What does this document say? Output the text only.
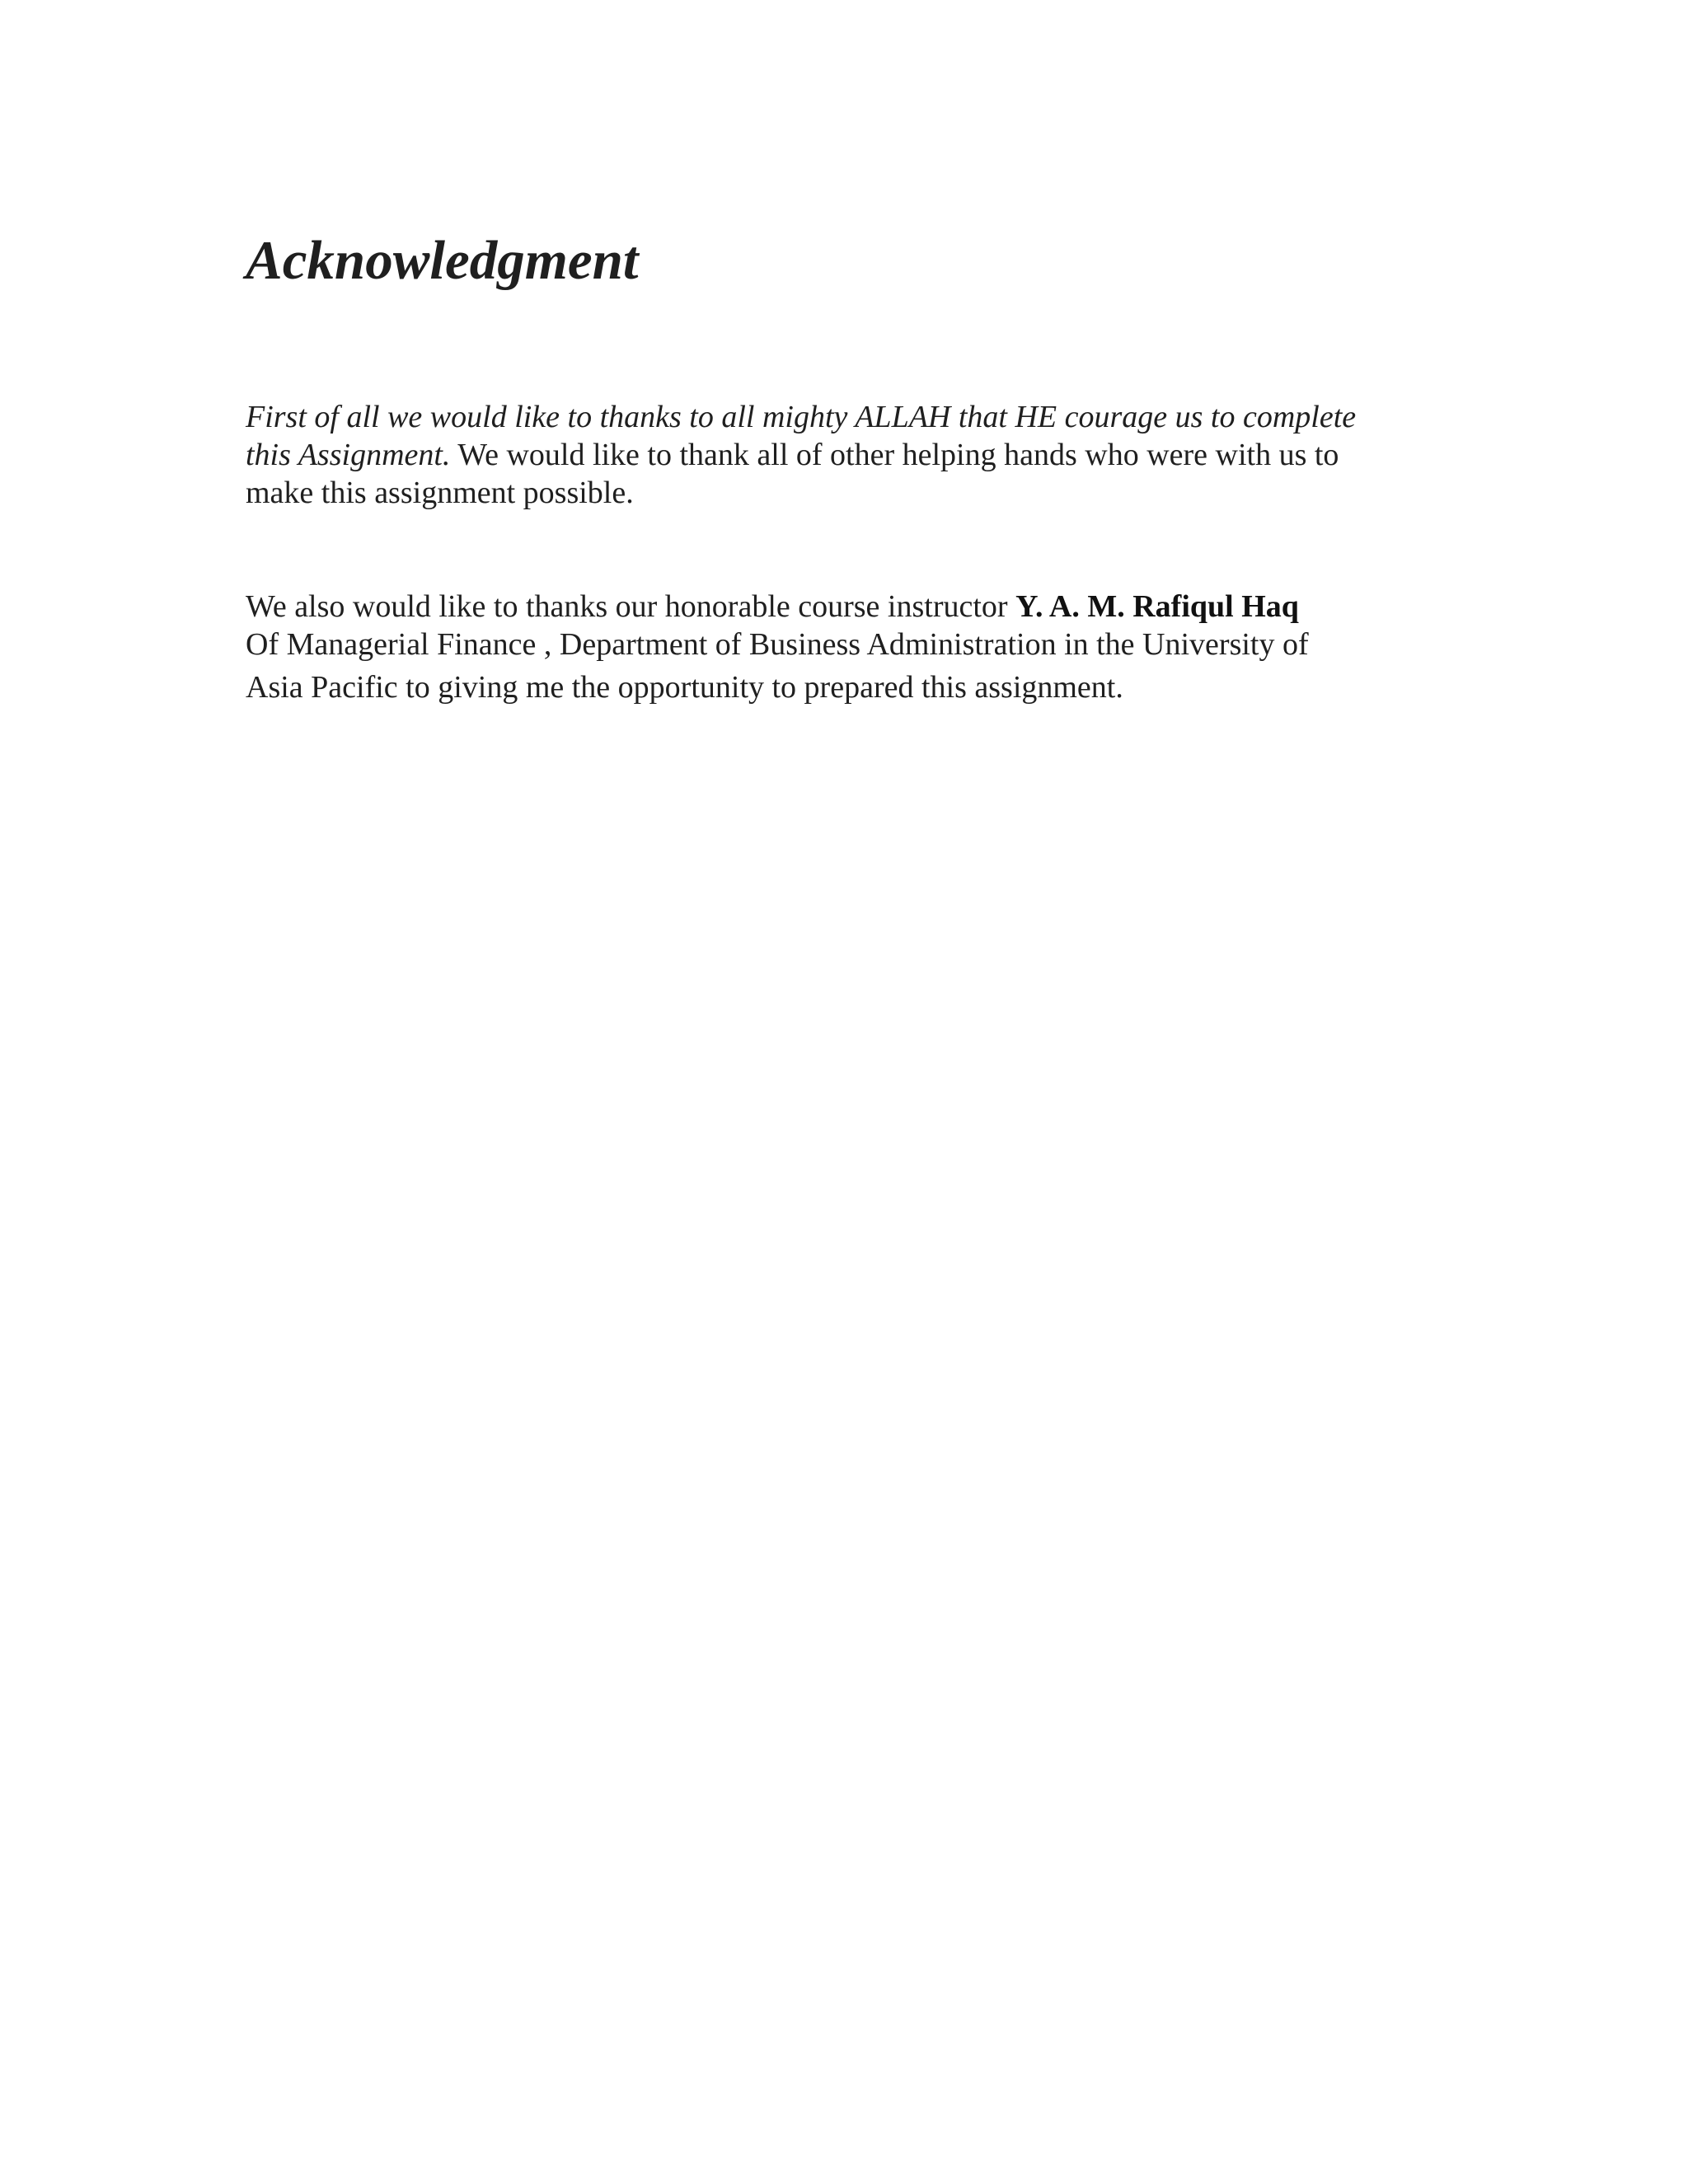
Acknowledgment

First of all we would like to thanks to all mighty ALLAH that HE courage us to complete
this Assignment. We would like to thank all of other helping hands who were with us to
make this assignment possible.

We also would like to thanks our honorable course instructor Y. A. M. Rafiqul Haq
Of Managerial Finance , Department of Business Administration in the University of
Asia Pacific to giving me the opportunity to prepared this assignment.
